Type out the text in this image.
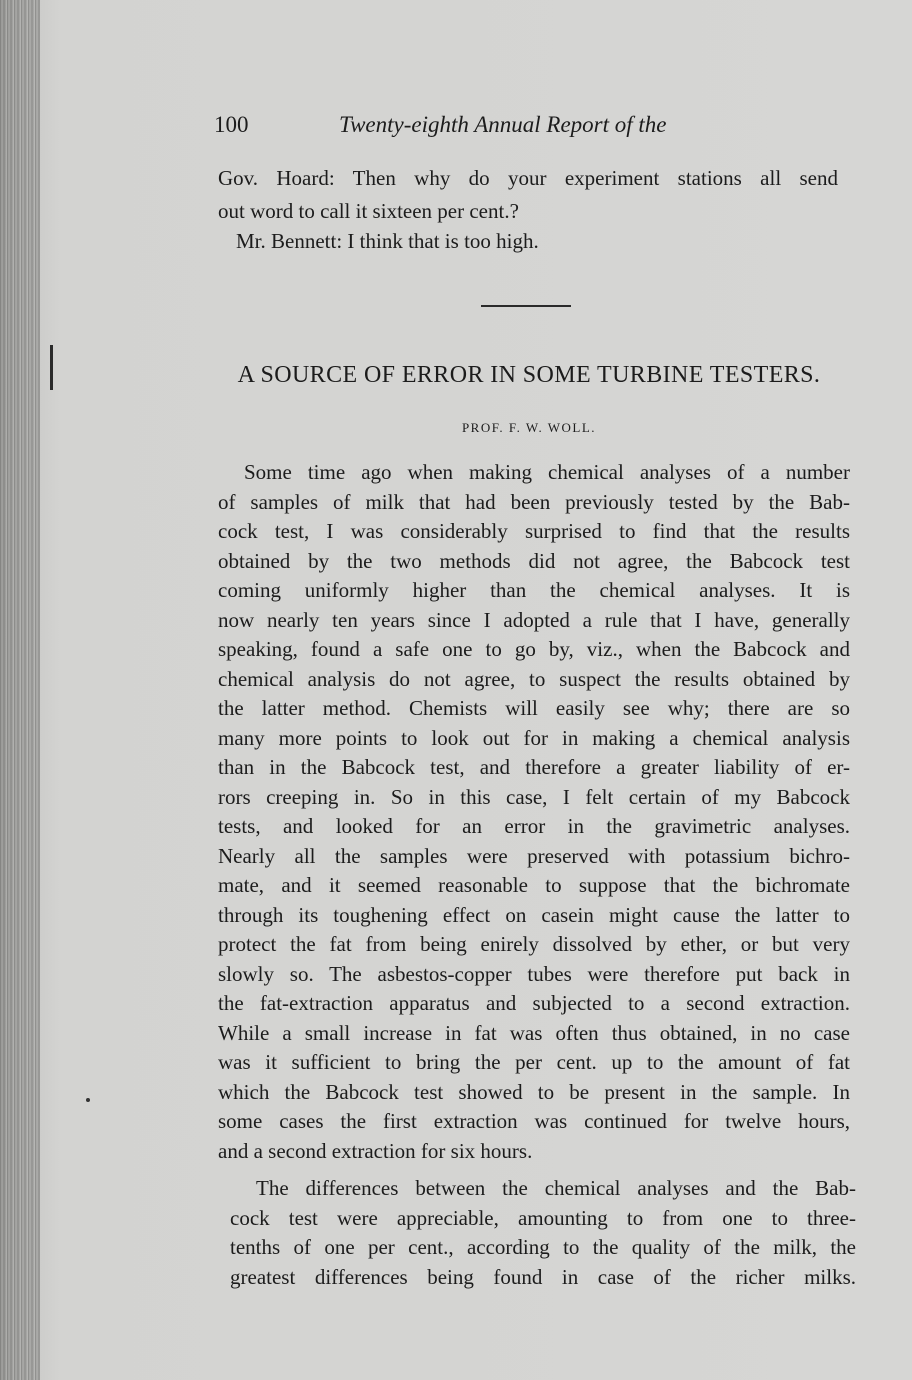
100	Twenty-eighth Annual Report of the
Gov. Hoard: Then why do your experiment stations all send
out word to call it sixteen per cent.?
Mr. Bennett: I think that is too high.
A SOURCE OF ERROR IN SOME TURBINE TESTERS.
PROF. F. W. WOLL.
Some time ago when making chemical analyses of a number
of samples of milk that had been previously tested by the Bab-
cock test, I was considerably surprised to find that the results
obtained by the two methods did not agree, the Babcock test
coming uniformly higher than the chemical analyses. It is
now nearly ten years since I adopted a rule that I have, generally
speaking, found a safe one to go by, viz., when the Babcock and
chemical analysis do not agree, to suspect the results obtained by
the latter method. Chemists will easily see why; there are so
many more points to look out for in making a chemical analysis
than in the Babcock test, and therefore a greater liability of er-
rors creeping in. So in this case, I felt certain of my Babcock
tests, and looked for an error in the gravimetric analyses.
Nearly all the samples were preserved with potassium bichro-
mate, and it seemed reasonable to suppose that the bichromate
through its toughening effect on casein might cause the latter to
protect the fat from being enirely dissolved by ether, or but very
slowly so. The asbestos-copper tubes were therefore put back in
the fat-extraction apparatus and subjected to a second extraction.
While a small increase in fat was often thus obtained, in no case
was it sufficient to bring the per cent. up to the amount of fat
which the Babcock test showed to be present in the sample. In
some cases the first extraction was continued for twelve hours,
and a second extraction for six hours.
The differences between the chemical analyses and the Bab-
cock test were appreciable, amounting to from one to three-
tenths of one per cent., according to the quality of the milk, the
greatest differences being found in case of the richer milks.
